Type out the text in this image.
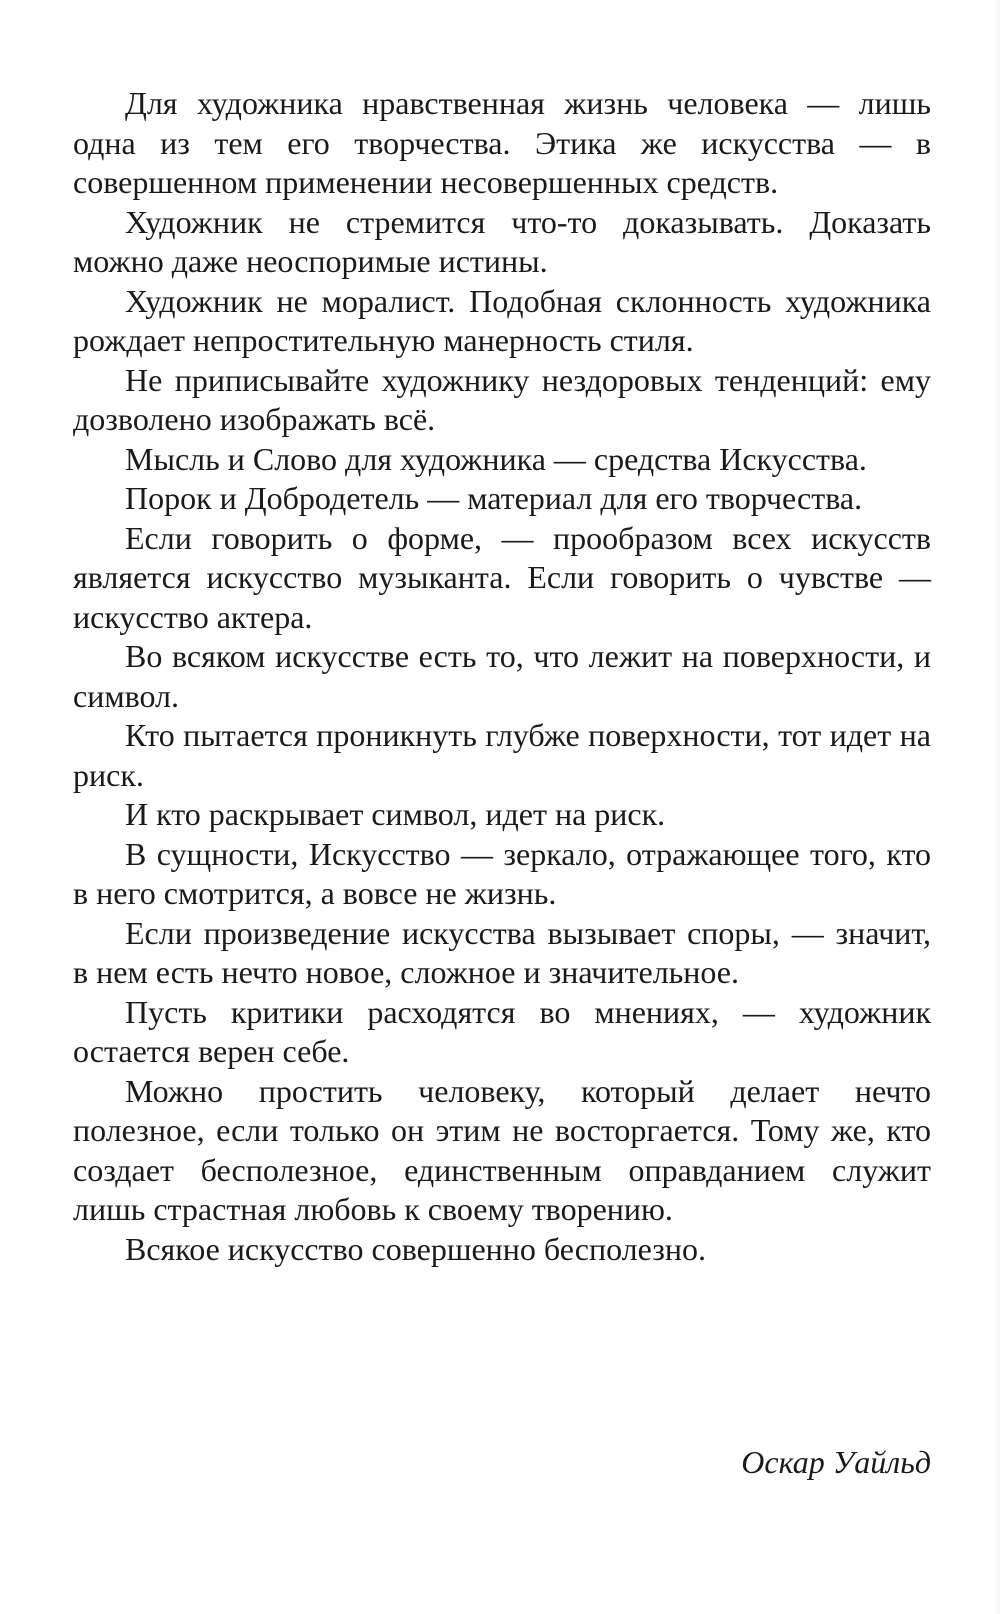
Для художника нравственная жизнь человека — лишь одна из тем его творчества. Этика же искусства — в совершенном применении несовершенных средств.

Художник не стремится что-то доказывать. Доказать можно даже неоспоримые истины.

Художник не моралист. Подобная склонность художника рождает непростительную манерность стиля.

Не приписывайте художнику нездоровых тенденций: ему дозволено изображать всё.

Мысль и Слово для художника — средства Искусства.

Порок и Добродетель — материал для его творчества.

Если говорить о форме, — прообразом всех искусств является искусство музыканта. Если говорить о чувстве — искусство актера.

Во всяком искусстве есть то, что лежит на поверхности, и символ.

Кто пытается проникнуть глубже поверхности, тот идет на риск.

И кто раскрывает символ, идет на риск.

В сущности, Искусство — зеркало, отражающее того, кто в него смотрится, а вовсе не жизнь.

Если произведение искусства вызывает споры, — значит, в нем есть нечто новое, сложное и значительное.

Пусть критики расходятся во мнениях, — художник остается верен себе.

Можно простить человеку, который делает нечто полезное, если только он этим не восторгается. Тому же, кто создает бесполезное, единственным оправданием служит лишь страстная любовь к своему творению.

Всякое искусство совершенно бесполезно.

Оскар Уайльд
